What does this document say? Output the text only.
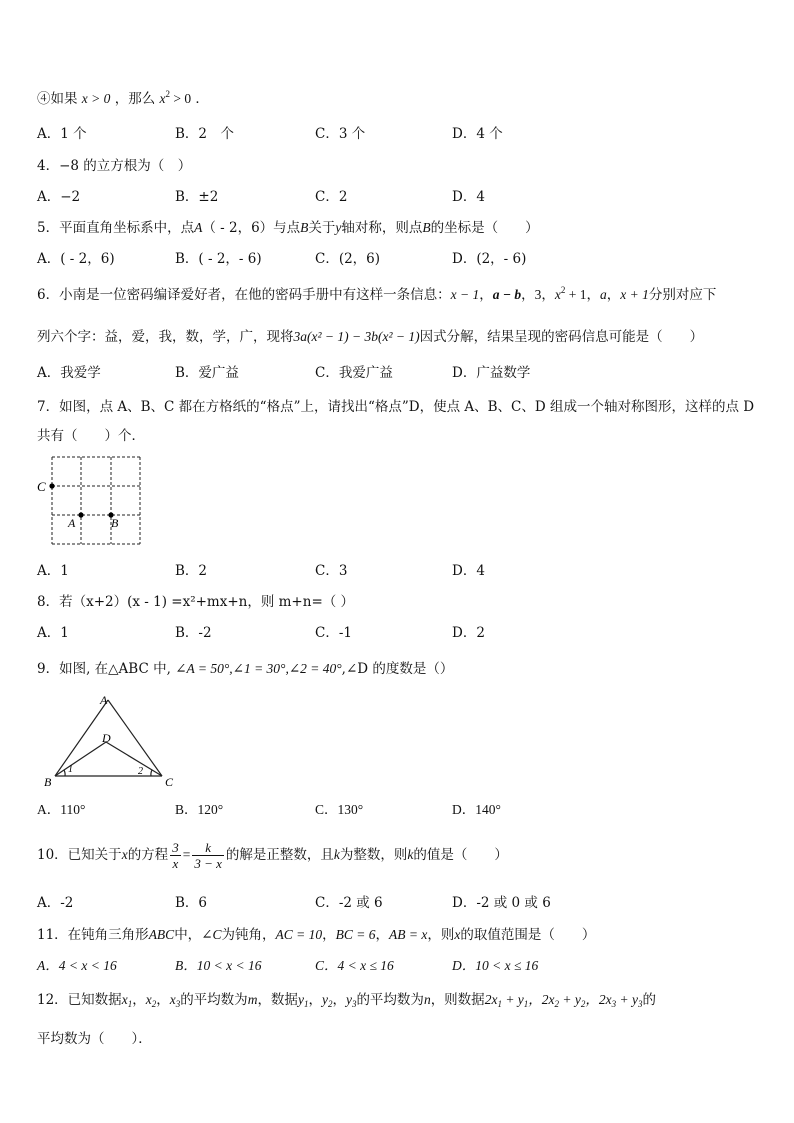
④如果 x > 0 ，那么 $x^2 > 0$ ．
A．1 个	B．2　个	C．3 个	D．4 个
4．−8 的立方根为（　）
A．−2	B．±2	C．2	D．4
5．平面直角坐标系中，点A（ - 2，6）与点B关于y轴对称，则点B的坐标是（　　）
A．( - 2，6)	B．( - 2，- 6)	C．(2，6)	D．(2，- 6)
6．小南是一位密码编译爱好者，在他的密码手册中有这样一条信息：x − 1，a − b，3，$x^2 + 1$，a，x + 1分别对应下
列六个字：益，爱，我，数，学，广，现将3a(x² − 1) − 3b(x² − 1)因式分解，结果呈现的密码信息可能是（　　）
A．我爱学	B．爱广益	C．我爱广益	D．广益数学
7．如图，点 A、B、C 都在方格纸的“格点”上，请找出“格点”D，使点 A、B、C、D 组成一个轴对称图形，这样的点 D
共有（　　）个．
C
A	B
A．1	B．2	C．3	D．4
8．若（x+2）(x - 1) =x²+mx+n，则 m+n=（ ）
A．1	B．-2	C．-1	D．2
9．如图, 在△ABC 中, ∠A = 50°,∠1 = 30°,∠2 = 40°,∠D 的度数是（）
A
B	C
D
1	2
A．110°	B．120°	C．130°	D．140°
10．已知关于x的方程 $\frac{3}{x} = \frac{k}{3 - x}$ 的解是正整数，且k为整数，则k的值是（　　）
A．-2	B．6	C．-2 或 6	D．-2 或 0 或 6
11．在钝角三角形ABC中，∠C为钝角，AC = 10，BC = 6，AB = x，则x的取值范围是（　　）
A．4 < x < 16	B．10 < x < 16	C．4 < x ≤ 16	D．10 < x ≤ 16
12．已知数据$x_1$，$x_2$，$x_3$的平均数为m，数据$y_1$，$y_2$，$y_3$的平均数为n，则数据$2x_1 + y_1$，$2x_2 + y_2$，$2x_3 + y_3$的
平均数为（　　）．
